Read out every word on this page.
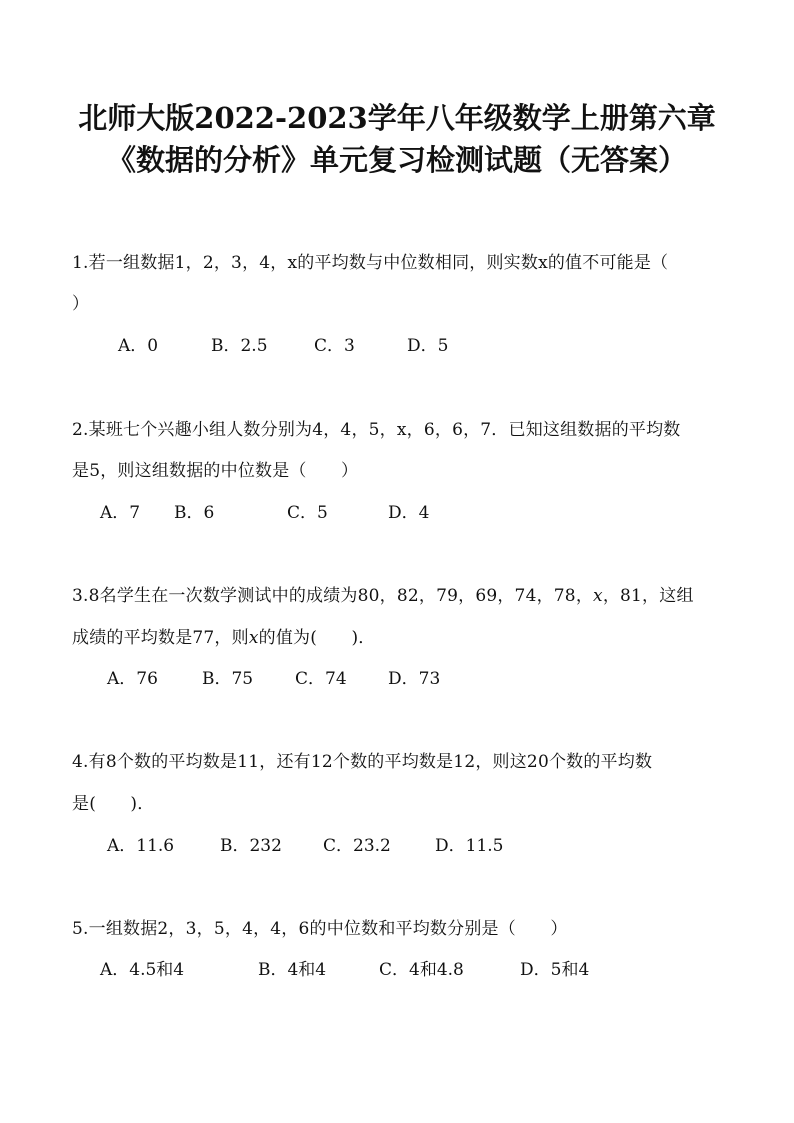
北师大版2022-2023学年八年级数学上册第六章
《数据的分析》单元复习检测试题（无答案）
1.若一组数据1，2，3，4，x的平均数与中位数相同，则实数x的值不可能是（
）
A．0	B．2.5	C．3	D．5
2.某班七个兴趣小组人数分别为4，4，5，x，6，6，7．已知这组数据的平均数
是5，则这组数据的中位数是（　　）
A．7 B．6	C．5	D．4
3.8名学生在一次数学测试中的成绩为80，82，79，69，74，78，x，81，这组
成绩的平均数是77，则x的值为(　　)．
A．76	B．75 C．74 D．73
4.有8个数的平均数是11，还有12个数的平均数是12，则这20个数的平均数
是(　　)．
A．11.6	B．232 C．23.2	D．11.5
5.一组数据2，3，5，4，4，6的中位数和平均数分别是（　　）
A．4.5和4	B．4和4	C．4和4.8	D．5和4
